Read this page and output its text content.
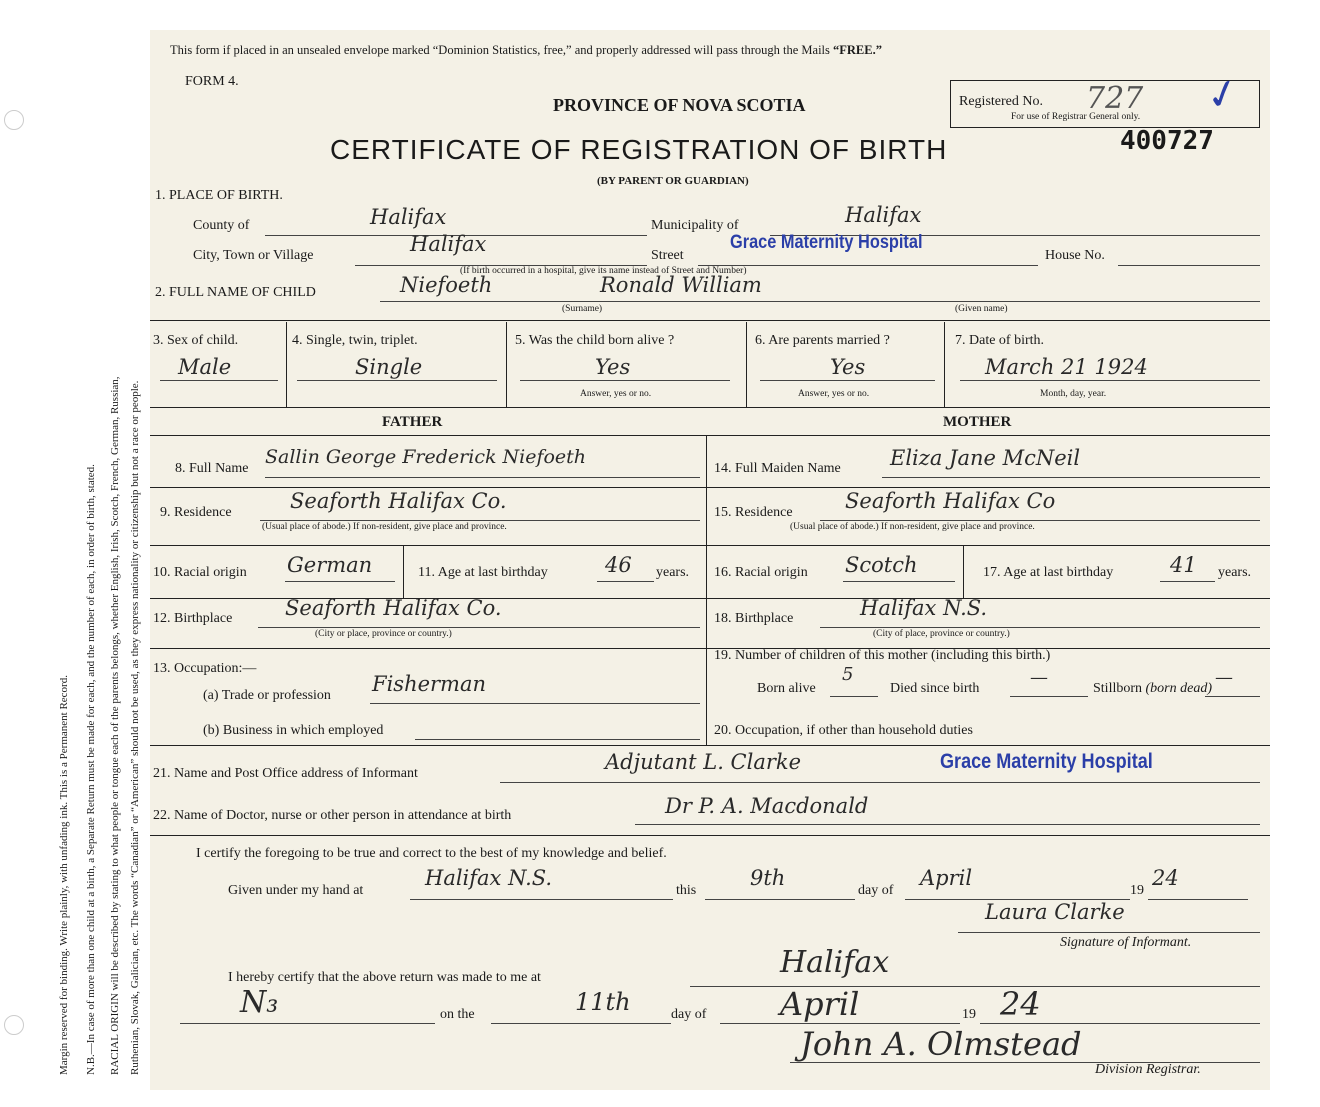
Margin reserved for binding. Write plainly, with unfading ink. This is a Permanent Record. N.B.—In case of more than one child at a birth, a Separate Return must be made for each, and the number of each, in order of birth, stated. RACIAL ORIGIN will be described by stating to what people or tongue each of the parents belongs, whether English, Irish, Scotch, French, German, Russian, Ruthenian, Slovak, Galician, etc. The words “Canadian” or “American” should not be used, as they express nationality or citizenship but not a race or people.
This form if placed in an unsealed envelope marked “Dominion Statistics, free,” and properly addressed will pass through the Mails “FREE.”
FORM 4.
PROVINCE OF NOVA SCOTIA
CERTIFICATE OF REGISTRATION OF BIRTH
(BY PARENT OR GUARDIAN)
Registered No. 727
For use of Registrar General only. ✓
400727
1. PLACE OF BIRTH.
County of	Halifax	Municipality of	Halifax
City, Town or Village	Halifax	Street
Grace Maternity Hospital
House No.
(If birth occurred in a hospital, give its name instead of Street and Number)
2. FULL NAME OF CHILD	Niefoeth	Ronald William
(Surname)	(Given name)
3. Sex of child.
Male
4. Single, twin, triplet.
Single
5. Was the child born alive ?
Yes
Answer, yes or no.
6. Are parents married ?
Yes
Answer, yes or no.
7. Date of birth.
March 21 1924
Month, day, year.
FATHER	MOTHER
8. Full Name
Sallin George Frederick Niefoeth
9. Residence	Seaforth Halifax Co.
(Usual place of abode.) If non-resident, give place and province.
10. Racial origin German	11. Age at last birthday	46 years.
12. Birthplace	Seaforth Halifax Co.
(City or place, province or country.)
13. Occupation:—
(a) Trade or profession Fisherman
(b) Business in which employed
14. Full Maiden Name Eliza Jane McNeil
15. Residence Seaforth Halifax Co
(Usual place of abode.) If non-resident, give place and province.
16. Racial origin Scotch	17. Age at last birthday	41 years.
18. Birthplace	Halifax N.S.
(City of place, province or country.)
19. Number of children of this mother (including this birth.)
Born alive
5
Died since birth
—
Stillborn (born dead)
—
20. Occupation, if other than household duties
21. Name and Post Office address of Informant	Adjutant L. Clarke	Grace Maternity Hospital
22. Name of Doctor, nurse or other person in attendance at birth	Dr P. A. Macdonald
I certify the foregoing to be true and correct to the best of my knowledge and belief.
Given under my hand at
Halifax N.S.
this
9th
day of
April
19
24
Laura Clarke
Signature of Informant.
I hereby certify that the above return was made to me at	Halifax
N₃	on the	11th	day of April	19 24
John A. Olmstead
Division Registrar.
